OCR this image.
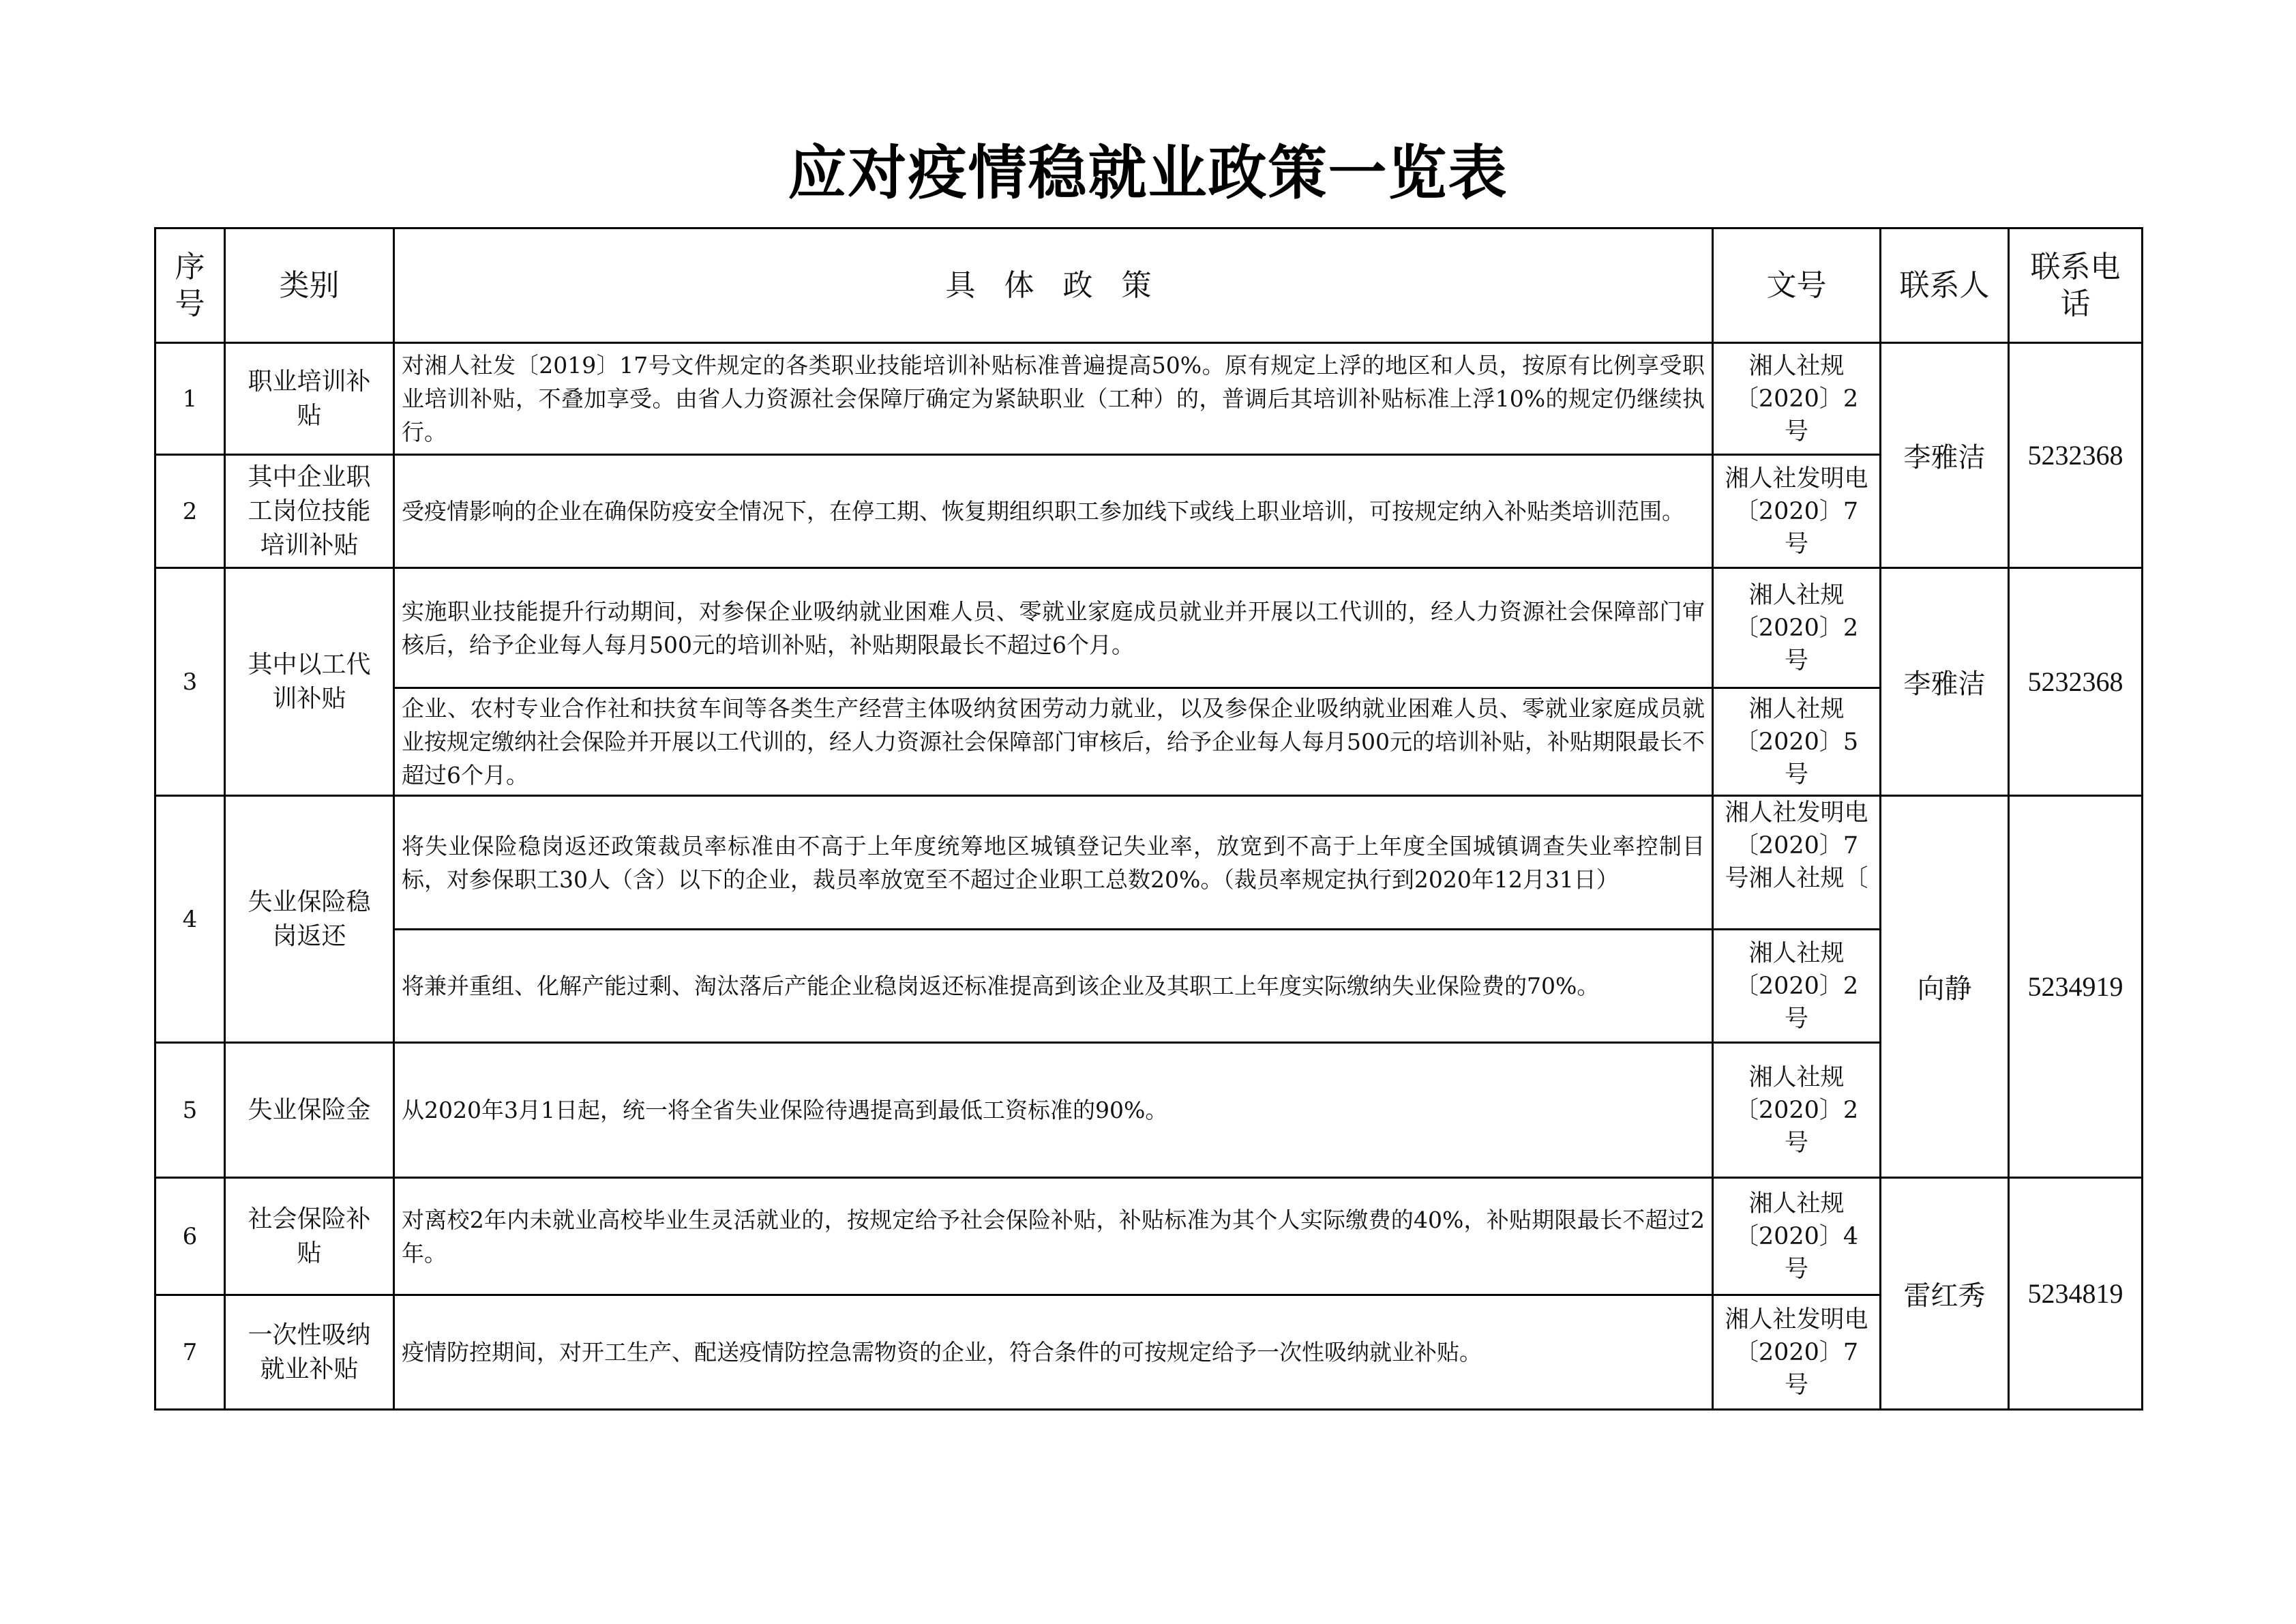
应对疫情稳就业政策一览表
序号	类别	具 体 政 策	文号	联系人	联系电话
1	职业培训补贴	对湘人社发〔2019〕17号文件规定的各类职业技能培训补贴标准普遍提高50%。原有规定上浮的地区和人员，按原有比例享受职业培训补贴，不叠加享受。由省人力资源社会保障厅确定为紧缺职业（工种）的，普调后其培训补贴标准上浮10%的规定仍继续执行。	湘人社规〔2020〕2号	李雅洁	5232368
2	其中企业职工岗位技能培训补贴	受疫情影响的企业在确保防疫安全情况下，在停工期、恢复期组织职工参加线下或线上职业培训，可按规定纳入补贴类培训范围。	湘人社发明电〔2020〕7号		
3	其中以工代训补贴	实施职业技能提升行动期间，对参保企业吸纳就业困难人员、零就业家庭成员就业并开展以工代训的，经人力资源社会保障部门审核后，给予企业每人每月500元的培训补贴，补贴期限最长不超过6个月。	湘人社规〔2020〕2号	李雅洁	5232368
		企业、农村专业合作社和扶贫车间等各类生产经营主体吸纳贫困劳动力就业，以及参保企业吸纳就业困难人员、零就业家庭成员就业按规定缴纳社会保险并开展以工代训的，经人力资源社会保障部门审核后，给予企业每人每月500元的培训补贴，补贴期限最长不超过6个月。	湘人社规〔2020〕5号		
4	失业保险稳岗返还	将失业保险稳岗返还政策裁员率标准由不高于上年度统筹地区城镇登记失业率，放宽到不高于上年度全国城镇调查失业率控制目标，对参保职工30人（含）以下的企业，裁员率放宽至不超过企业职工总数20%。（裁员率规定执行到2020年12月31日）	湘人社发明电〔2020〕7号湘人社规〔	向静	5234919
		将兼并重组、化解产能过剩、淘汰落后产能企业稳岗返还标准提高到该企业及其职工上年度实际缴纳失业保险费的70%。	湘人社规〔2020〕2号		
5	失业保险金	从2020年3月1日起，统一将全省失业保险待遇提高到最低工资标准的90%。	湘人社规〔2020〕2号		
6	社会保险补贴	对离校2年内未就业高校毕业生灵活就业的，按规定给予社会保险补贴，补贴标准为其个人实际缴费的40%，补贴期限最长不超过2年。	湘人社规〔2020〕4号	雷红秀	5234819
7	一次性吸纳就业补贴	疫情防控期间，对开工生产、配送疫情防控急需物资的企业，符合条件的可按规定给予一次性吸纳就业补贴。	湘人社发明电〔2020〕7号		
